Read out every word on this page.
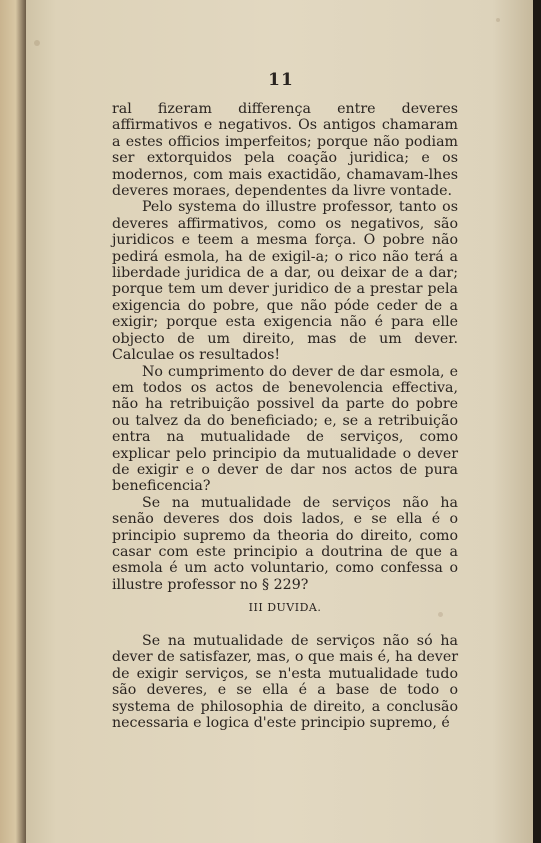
11

ral fizeram differença entre deveres affirmativos e negativos. Os antigos chamaram a estes officios imperfeitos; porque não podiam ser extorquidos pela coação juridica; e os modernos, com mais exactidão, chamavam-lhes deveres moraes, dependentes da livre vontade.

Pelo systema do illustre professor, tanto os deveres affirmativos, como os negativos, são juridicos e teem a mesma força. O pobre não pedirá esmola, ha de exigil-a; o rico não terá a liberdade juridica de a dar, ou deixar de a dar; porque tem um dever juridico de a prestar pela exigencia do pobre, que não póde ceder de a exigir; porque esta exigencia não é para elle objecto de um direito, mas de um dever. Calculae os resultados!

No cumprimento do dever de dar esmola, e em todos os actos de benevolencia effectiva, não ha retribuição possivel da parte do pobre ou talvez da do beneficiado; e, se a retribuição entra na mutualidade de serviços, como explicar pelo principio da mutualidade o dever de exigir e o dever de dar nos actos de pura beneficencia?

Se na mutualidade de serviços não ha senão deveres dos dois lados, e se ella é o principio supremo da theoria do direito, como casar com este principio a doutrina de que a esmola é um acto voluntario, como confessa o illustre professor no § 229?

III DUVIDA.

Se na mutualidade de serviços não só ha dever de satisfazer, mas, o que mais é, ha dever de exigir serviços, se n'esta mutualidade tudo são deveres, e se ella é a base de todo o systema de philosophia de direito, a conclusão necessaria e logica d'este principio supremo, é
